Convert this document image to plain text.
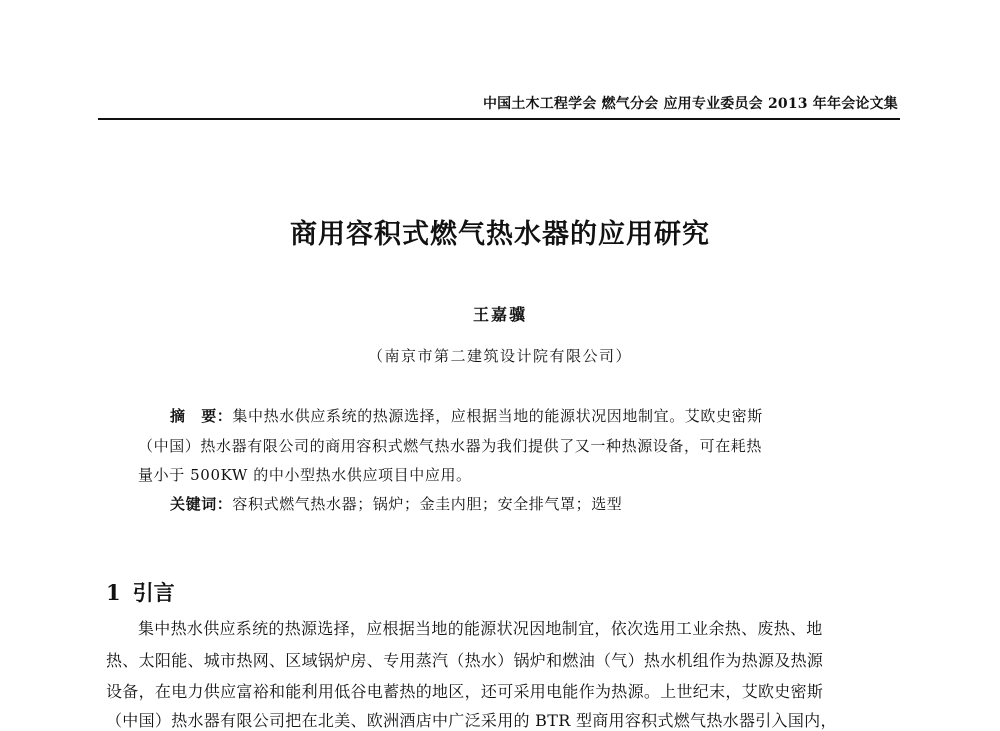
中国土木工程学会 燃气分会 应用专业委员会 2013 年年会论文集
商用容积式燃气热水器的应用研究
王嘉骥
（南京市第二建筑设计院有限公司）
摘　要：集中热水供应系统的热源选择，应根据当地的能源状况因地制宜。艾欧史密斯
（中国）热水器有限公司的商用容积式燃气热水器为我们提供了又一种热源设备，可在耗热
量小于 500KW 的中小型热水供应项目中应用。
关键词：容积式燃气热水器；锅炉；金圭内胆；安全排气罩；选型
1 引言
集中热水供应系统的热源选择，应根据当地的能源状况因地制宜，依次选用工业余热、废热、地
热、太阳能、城市热网、区域锅炉房、专用蒸汽（热水）锅炉和燃油（气）热水机组作为热源及热源
设备，在电力供应富裕和能利用低谷电蓄热的地区，还可采用电能作为热源。上世纪末，艾欧史密斯
（中国）热水器有限公司把在北美、欧洲酒店中广泛采用的 BTR 型商用容积式燃气热水器引入国内，
